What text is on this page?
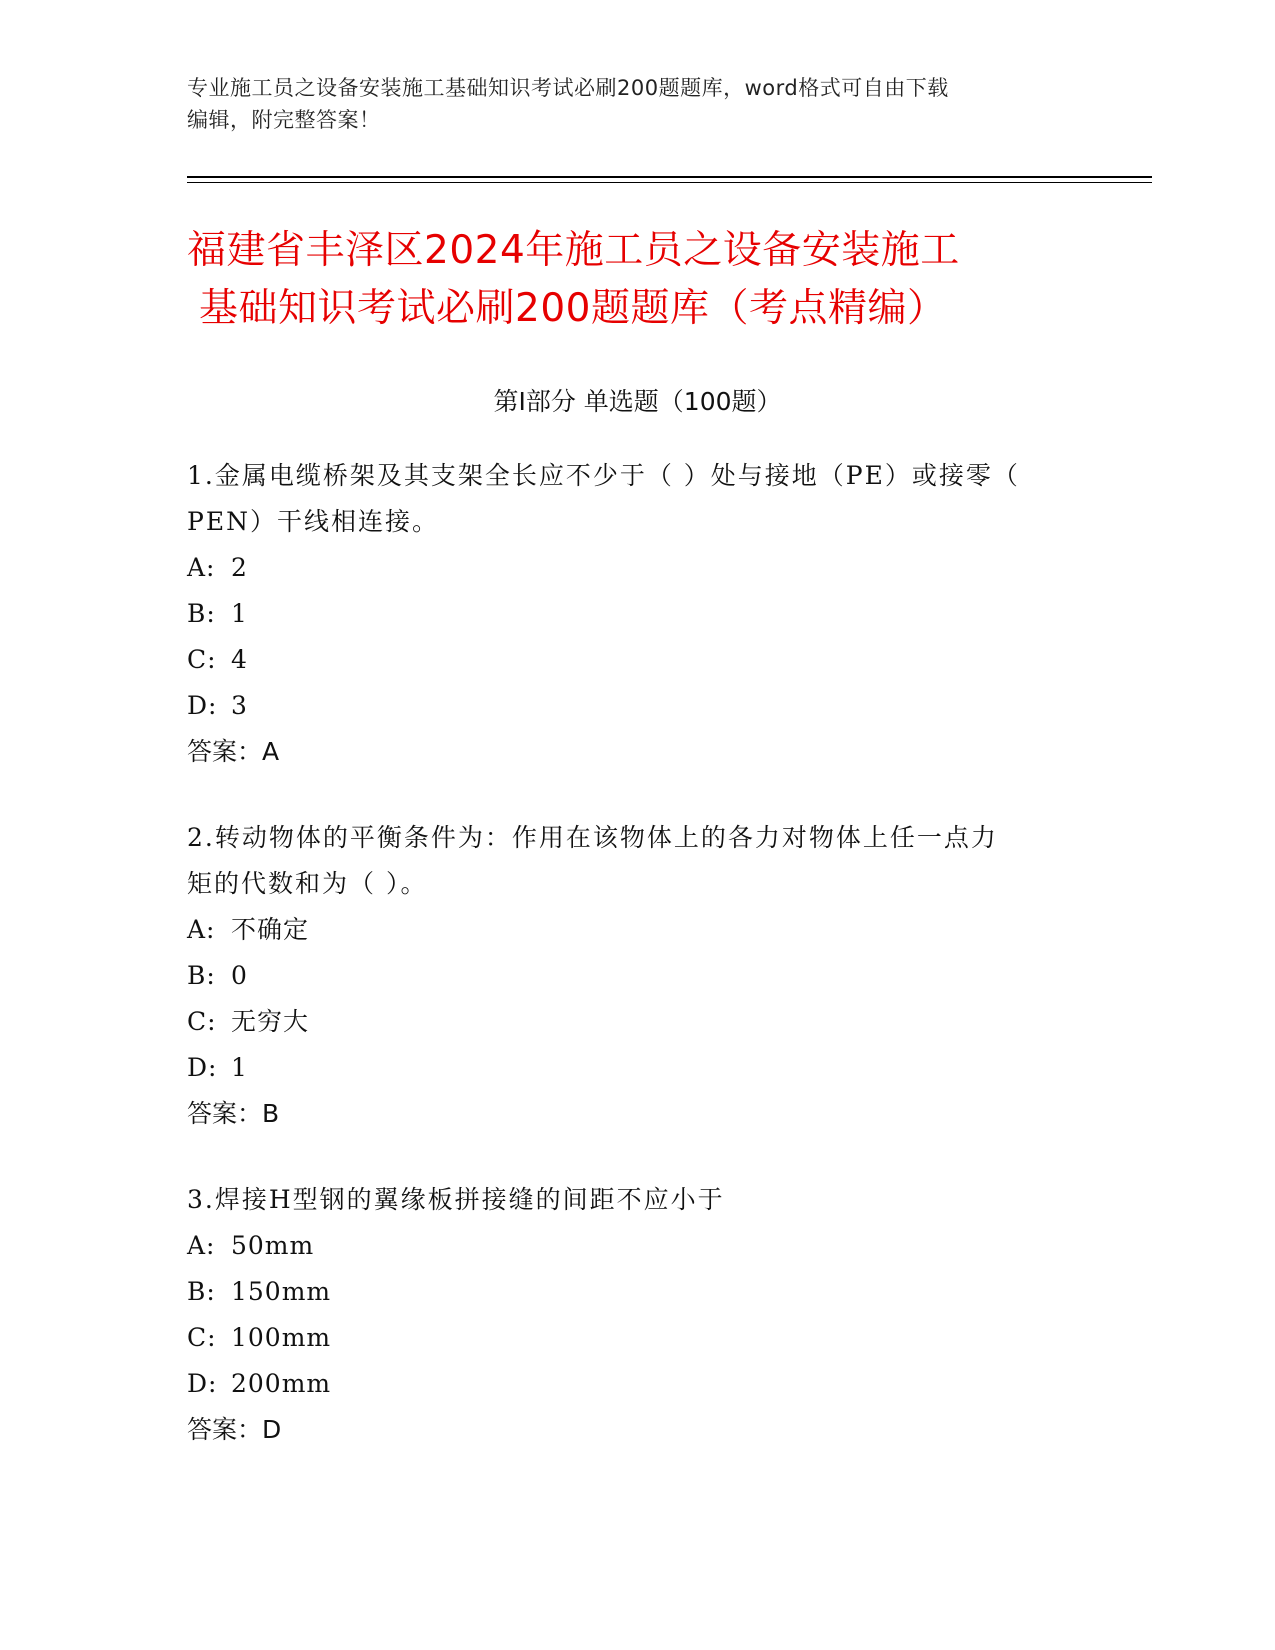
专业施工员之设备安装施工基础知识考试必刷200题题库，word格式可自由下载
编辑，附完整答案！
福建省丰泽区2024年施工员之设备安装施工
基础知识考试必刷200题题库（考点精编）
第Ⅰ部分 单选题（100题）
1.金属电缆桥架及其支架全长应不少于（ ）处与接地（PE）或接零（
PEN）干线相连接。
A: 2
B: 1
C: 4
D: 3
答案：A
2.转动物体的平衡条件为：作用在该物体上的各力对物体上任一点力
矩的代数和为（ ）。
A: 不确定
B: 0
C: 无穷大
D: 1
答案：B
3.焊接H型钢的翼缘板拼接缝的间距不应小于
A: 50mm
B: 150mm
C: 100mm
D: 200mm
答案：D
